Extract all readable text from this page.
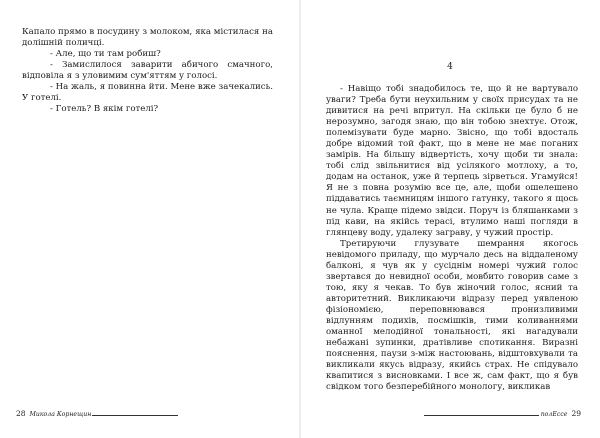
Капало прямо в посудину з молоком, яка містилася на долішній поличці.

- Але, що ти там робиш?

- Замислилося заварити абичого смачного, відповіла я з уловимим сум'яттям у голосі.

- На жаль, я повинна йти. Мене вже зачекались. У готелі.

- Готель? В якім готелі?

28 Микола Корнещин
4

- Навіщо тобі знадобилось те, що й не вартувало уваги? Треба бути неухильним у своїх присудах та не дивитися на речі впритул. На скільки це було б не нерозумно, загодя знаю, що він тобою знехтує. Отож, полемізувати буде марно. Звісно, що тобі вдосталь добре відомий той факт, що в мене не має поганих замірів. На більшу відвертість, хочу щоби ти знала: тобі слід звільнитися від усілякого мотлоху, а то, додам на останок, уже й терпець зірветься. Угамуйся! Я не з повна розумію все це, але, щоби ошелешено піддаватись таємницям іншого гатунку, такого я щось не чула. Краще підемо звідси. Поруч із бляшанками з під кави, на якійсь терасі, втулимо наші погляди в глянцеву воду, удалеку заграву, у чужий простір.

Третируючи глузувате шемрання якогось невідомого приладу, що мурчало десь на віддаленому балконі, я чув як у сусіднім номері чужий голос звертався до невидної особи, мовбито говорив саме з тою, яку я чекав. То був жіночий голос, ясний та авторитетний. Викликаючи відразу перед уявленою фізіономією, переповнювався пронизливими відлунням подихів, посмішків, тими коливаннями оманної мелодійної тональності, які нагадували небажані зупинки, дратівливе спотикання. Виразні пояснення, паузи з-між настоювань, відштовхували та викликали якусь відразу, якийсь страх. Не спідувало квапитися з висновками. І все ж, сам факт, що я був свідком того безперебійного монологу, викликав

полЕссе 29
